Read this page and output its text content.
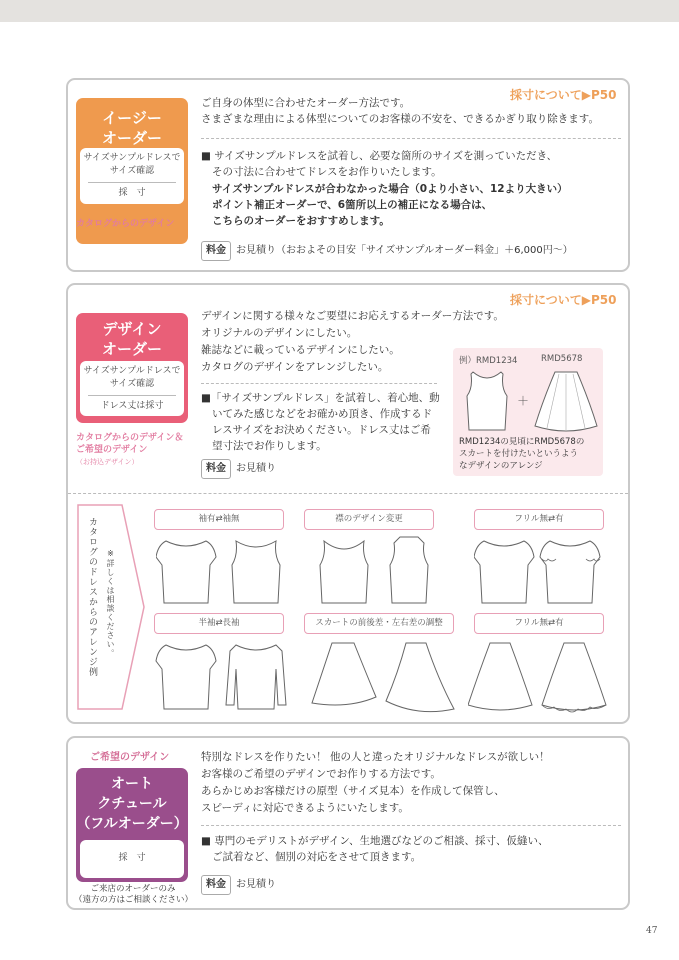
イージー
オーダー
サイズサンプルドレスで
サイズ確認
採　寸
カタログからのデザイン
採寸について▶P50
ご自身の体型に合わせたオーダー方法です。
さまざまな理由による体型についてのお客様の不安を、できるかぎり取り除きます。
■ サイズサンプルドレスを試着し、必要な箇所のサイズを測っていただき、
その寸法に合わせてドレスをお作りいたします。
サイズサンプルドレスが合わなかった場合（0より小さい、12より大きい）
ポイント補正オーダーで、6箇所以上の補正になる場合は、
こちらのオーダーをおすすめします。
料金 お見積り（おおよその目安「サイズサンプルオーダー料金」＋6,000円～）
デザイン
オーダー
サイズサンプルドレスで
サイズ確認
ドレス丈は採寸
カタログからのデザイン＆
ご希望のデザイン
（お持込デザイン）
採寸について▶P50
デザインに関する様々なご要望にお応えするオーダー方法です。
オリジナルのデザインにしたい。
雑誌などに載っているデザインにしたい。
カタログのデザインをアレンジしたい。
■「サイズサンプルドレス」を試着し、着心地、動
いてみた感じなどをお確かめ頂き、作成するド
レスサイズをお決めください。ドレス丈はご希
望寸法でお作りします。
料金 お見積り
例）RMD1234	RMD5678
＋
RMD1234の見頃にRMD5678の
スカートを付けたいというよう
なデザインのアレンジ
カタログのドレスからのアレンジ例 ※詳しくは相談ください。
袖有⇄袖無	襟のデザイン変更	フリル無⇄有
半袖⇄長袖	スカートの前後差・左右差の調整	フリル無⇄有
ご希望のデザイン
オート
クチュール
（フルオーダー）
採　寸
ご来店のオーダーのみ
（遠方の方はご相談ください）
特別なドレスを作りたい！ 他の人と違ったオリジナルなドレスが欲しい！
お客様のご希望のデザインでお作りする方法です。
あらかじめお客様だけの原型（サイズ見本）を作成して保管し、
スピーディに対応できるようにいたします。
■ 専門のモデリストがデザイン、生地選びなどのご相談、採寸、仮縫い、
ご試着など、個別の対応をさせて頂きます。
料金 お見積り
47
